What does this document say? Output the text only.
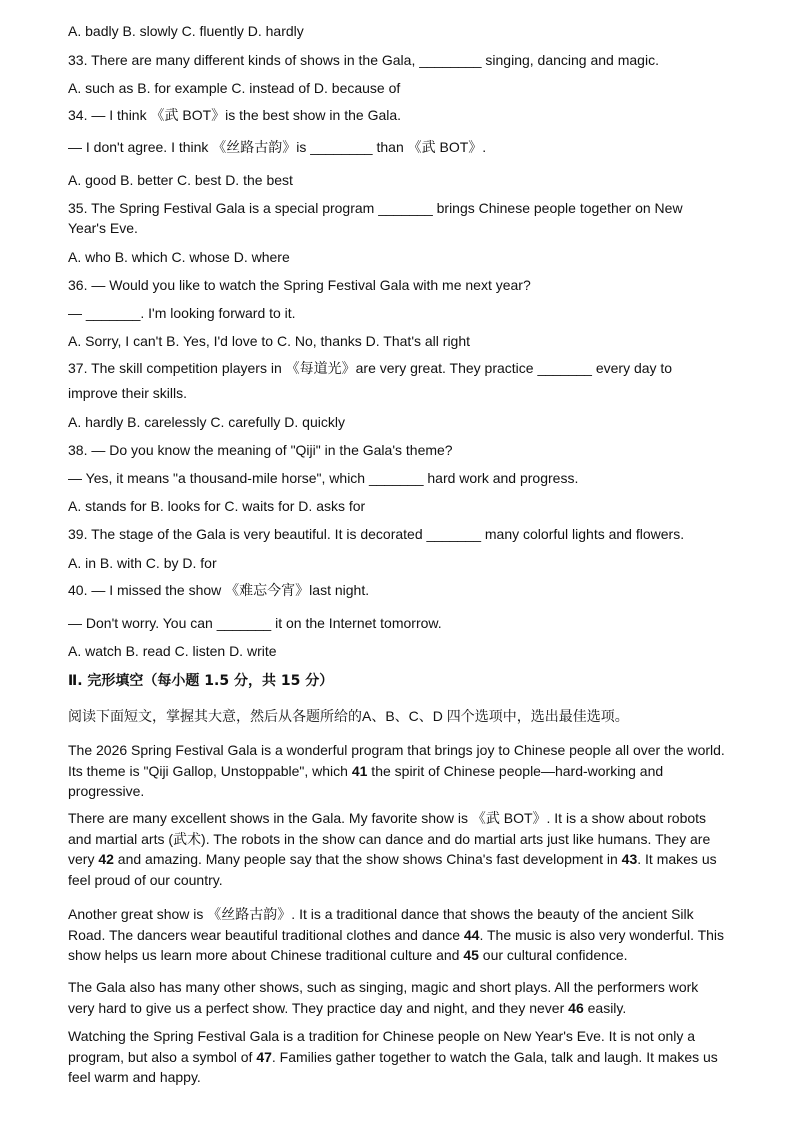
A. badly B. slowly C. fluently D. hardly
33. There are many different kinds of shows in the Gala, ________ singing, dancing and magic.
A. such as B. for example C. instead of D. because of
34. — I think 《武 BOT》is the best show in the Gala.
— I don't agree. I think 《丝路古韵》is ________ than 《武 BOT》.
A. good B. better C. best D. the best
35. The Spring Festival Gala is a special program _______ brings Chinese people together on New
Year's Eve.
A. who B. which C. whose D. where
36. — Would you like to watch the Spring Festival Gala with me next year?
— _______. I'm looking forward to it.
A. Sorry, I can't B. Yes, I'd love to C. No, thanks D. That's all right
37. The skill competition players in 《每道光》are very great. They practice _______ every day to
improve their skills.
A. hardly B. carelessly C. carefully D. quickly
38. — Do you know the meaning of "Qiji" in the Gala's theme?
— Yes, it means "a thousand-mile horse", which _______ hard work and progress.
A. stands for B. looks for C. waits for D. asks for
39. The stage of the Gala is very beautiful. It is decorated _______ many colorful lights and flowers.
A. in B. with C. by D. for
40. — I missed the show 《难忘今宵》last night.
— Don't worry. You can _______ it on the Internet tomorrow.
A. watch B. read C. listen D. write
Ⅱ. 完形填空（每小题 1.5 分，共 15 分）
阅读下面短文，掌握其大意，然后从各题所给的A、B、C、D 四个选项中，选出最佳选项。
The 2026 Spring Festival Gala is a wonderful program that brings joy to Chinese people all over the world. Its theme is "Qiji Gallop, Unstoppable", which 41 the spirit of Chinese people—hard-working and progressive.
There are many excellent shows in the Gala. My favorite show is 《武 BOT》. It is a show about robots and martial arts (武术). The robots in the show can dance and do martial arts just like humans. They are very 42 and amazing. Many people say that the show shows China's fast development in 43. It makes us feel proud of our country.
Another great show is 《丝路古韵》. It is a traditional dance that shows the beauty of the ancient Silk Road. The dancers wear beautiful traditional clothes and dance 44. The music is also very wonderful. This show helps us learn more about Chinese traditional culture and 45 our cultural confidence.
The Gala also has many other shows, such as singing, magic and short plays. All the performers work very hard to give us a perfect show. They practice day and night, and they never 46 easily.
Watching the Spring Festival Gala is a tradition for Chinese people on New Year's Eve. It is not only a program, but also a symbol of 47. Families gather together to watch the Gala, talk and laugh. It makes us feel warm and happy.
